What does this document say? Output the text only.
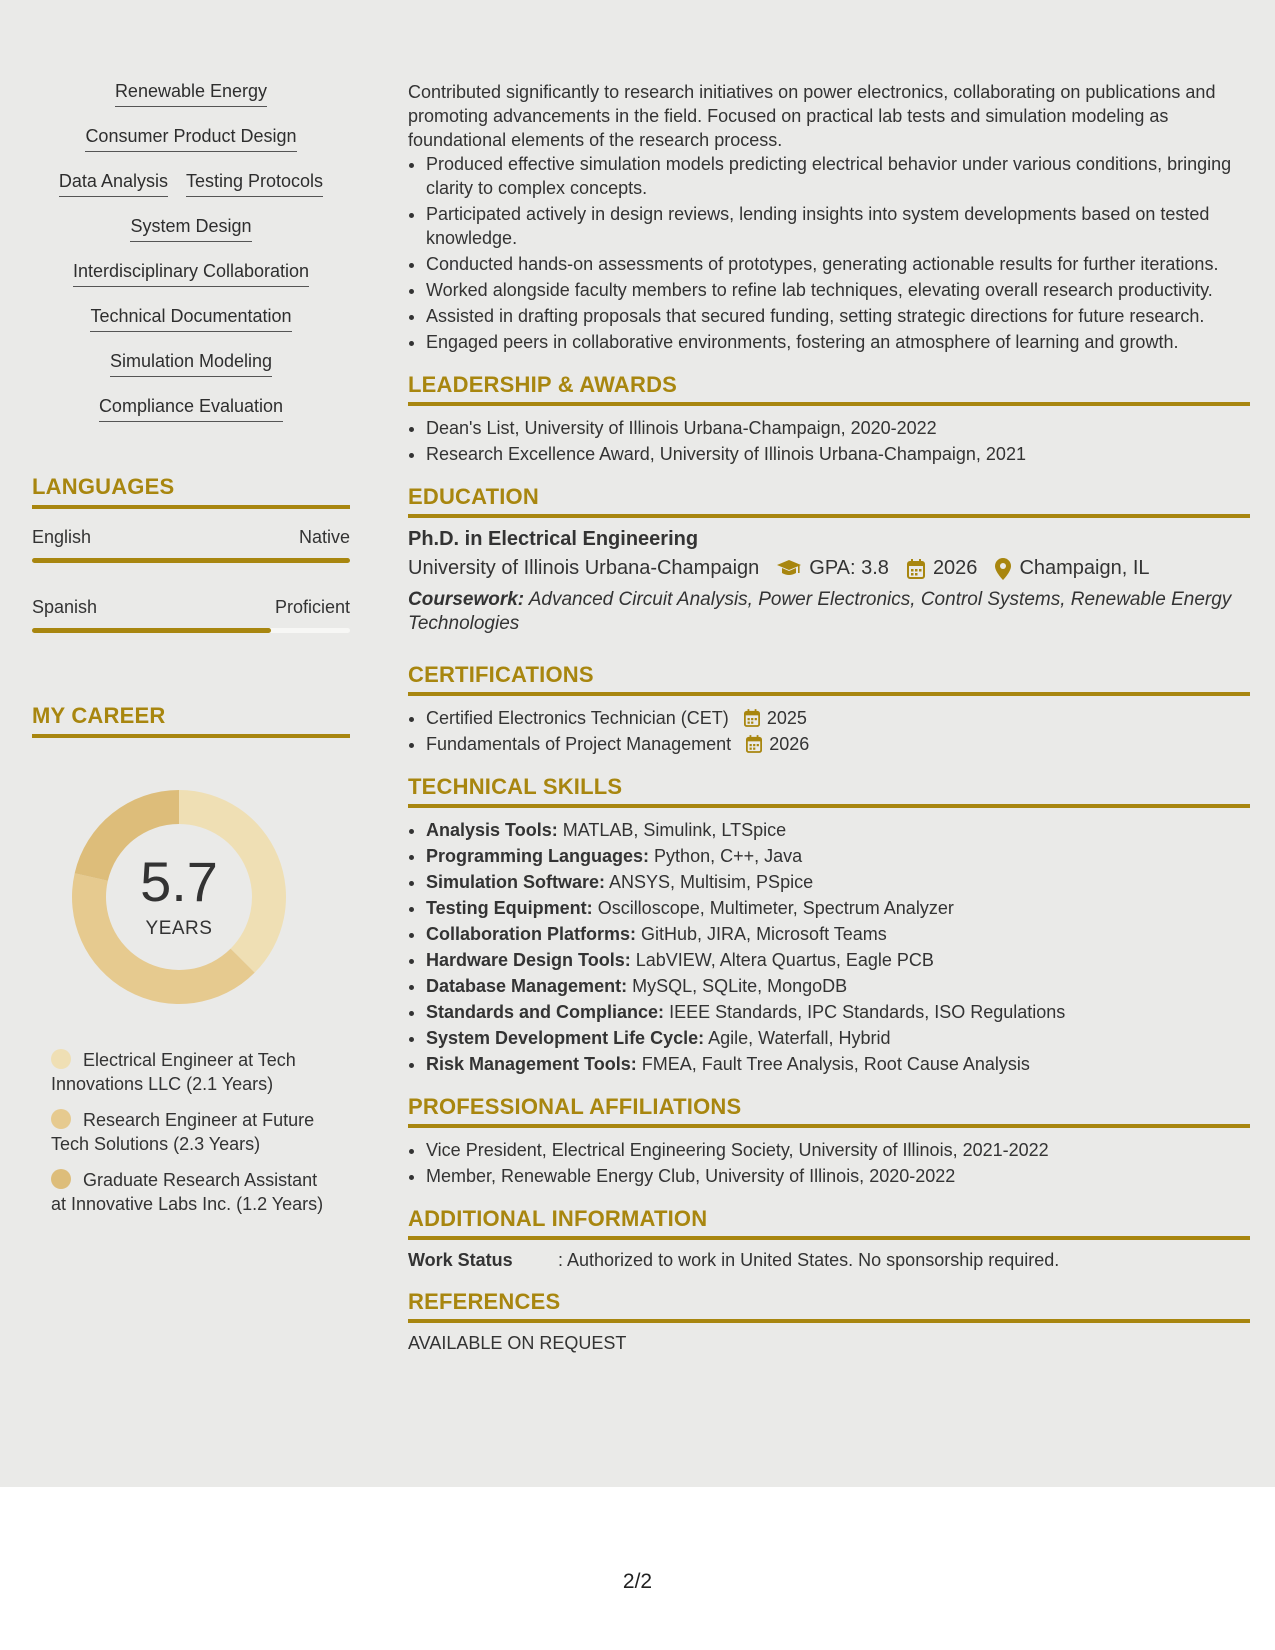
Renewable Energy
Consumer Product Design
Data Analysis Testing Protocols
System Design
Interdisciplinary Collaboration
Technical Documentation
Simulation Modeling
Compliance Evaluation
LANGUAGES
English	Native
Spanish	Proficient
MY CAREER
5.7
YEARS
Electrical Engineer at Tech Innovations LLC (2.1 Years)
Research Engineer at Future Tech Solutions (2.3 Years)
Graduate Research Assistant at Innovative Labs Inc. (1.2 Years)

Contributed significantly to research initiatives on power electronics, collaborating on publications and promoting advancements in the field. Focused on practical lab tests and simulation modeling as foundational elements of the research process.

• Produced effective simulation models predicting electrical behavior under various conditions, bringing clarity to complex concepts.
• Participated actively in design reviews, lending insights into system developments based on tested knowledge.
• Conducted hands-on assessments of prototypes, generating actionable results for further iterations.
• Worked alongside faculty members to refine lab techniques, elevating overall research productivity.
• Assisted in drafting proposals that secured funding, setting strategic directions for future research.
• Engaged peers in collaborative environments, fostering an atmosphere of learning and growth.
LEADERSHIP & AWARDS
• Dean's List, University of Illinois Urbana-Champaign, 2020-2022
• Research Excellence Award, University of Illinois Urbana-Champaign, 2021
EDUCATION
Ph.D. in Electrical Engineering
University of Illinois Urbana-Champaign	GPA: 3.8 2026 Champaign, IL
Coursework: Advanced Circuit Analysis, Power Electronics, Control Systems, Renewable Energy Technologies
CERTIFICATIONS
• Certified Electronics Technician (CET) 2025
• Fundamentals of Project Management 2026
TECHNICAL SKILLS
• Analysis Tools: MATLAB, Simulink, LTSpice
• Programming Languages: Python, C++, Java
• Simulation Software: ANSYS, Multisim, PSpice
• Testing Equipment: Oscilloscope, Multimeter, Spectrum Analyzer
• Collaboration Platforms: GitHub, JIRA, Microsoft Teams
• Hardware Design Tools: LabVIEW, Altera Quartus, Eagle PCB
• Database Management: MySQL, SQLite, MongoDB
• Standards and Compliance: IEEE Standards, IPC Standards, ISO Regulations
• System Development Life Cycle: Agile, Waterfall, Hybrid
• Risk Management Tools: FMEA, Fault Tree Analysis, Root Cause Analysis
PROFESSIONAL AFFILIATIONS
• Vice President, Electrical Engineering Society, University of Illinois, 2021-2022
• Member, Renewable Energy Club, University of Illinois, 2020-2022
ADDITIONAL INFORMATION
Work Status	: Authorized to work in United States. No sponsorship required.
REFERENCES
AVAILABLE ON REQUEST
2/2
